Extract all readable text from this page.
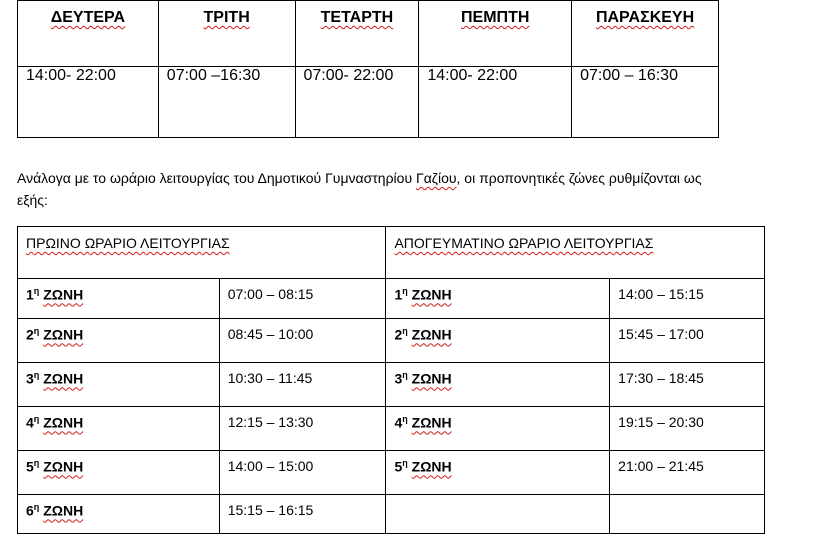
ΔΕΥΤΕΡΑ	ΤΡΙΤΗ	ΤΕΤΑΡΤΗ	ΠΕΜΠΤΗ	ΠΑΡΑΣΚΕΥΗ
14:00- 22:00	07:00 –16:30	07:00- 22:00	14:00- 22:00	07:00 – 16:30
Ανάλογα με το ωράριο λειτουργίας του Δημοτικού Γυμναστηρίου Γαζίου, οι προπονητικές ζώνες ρυθμίζονται ως εξής:
ΠΡΩΙΝΟ ΩΡΑΡΙΟ ΛΕΙΤΟΥΡΓΙΑΣ		ΑΠΟΓΕΥΜΑΤΙΝΟ ΩΡΑΡΙΟ ΛΕΙΤΟΥΡΓΙΑΣ	
$1^\eta$ ΖΩΝΗ	07:00 – 08:15	$1^\eta$ ΖΩΝΗ	14:00 – 15:15
$2^\eta$ ΖΩΝΗ	08:45 – 10:00	$2^\eta$ ΖΩΝΗ	15:45 – 17:00
$3^\eta$ ΖΩΝΗ	10:30 – 11:45	$3^\eta$ ΖΩΝΗ	17:30 – 18:45
$4^\eta$ ΖΩΝΗ	12:15 – 13:30	$4^\eta$ ΖΩΝΗ	19:15 – 20:30
$5^\eta$ ΖΩΝΗ	14:00 – 15:00	$5^\eta$ ΖΩΝΗ	21:00 – 21:45
$6^\eta$ ΖΩΝΗ	15:15 – 16:15		
